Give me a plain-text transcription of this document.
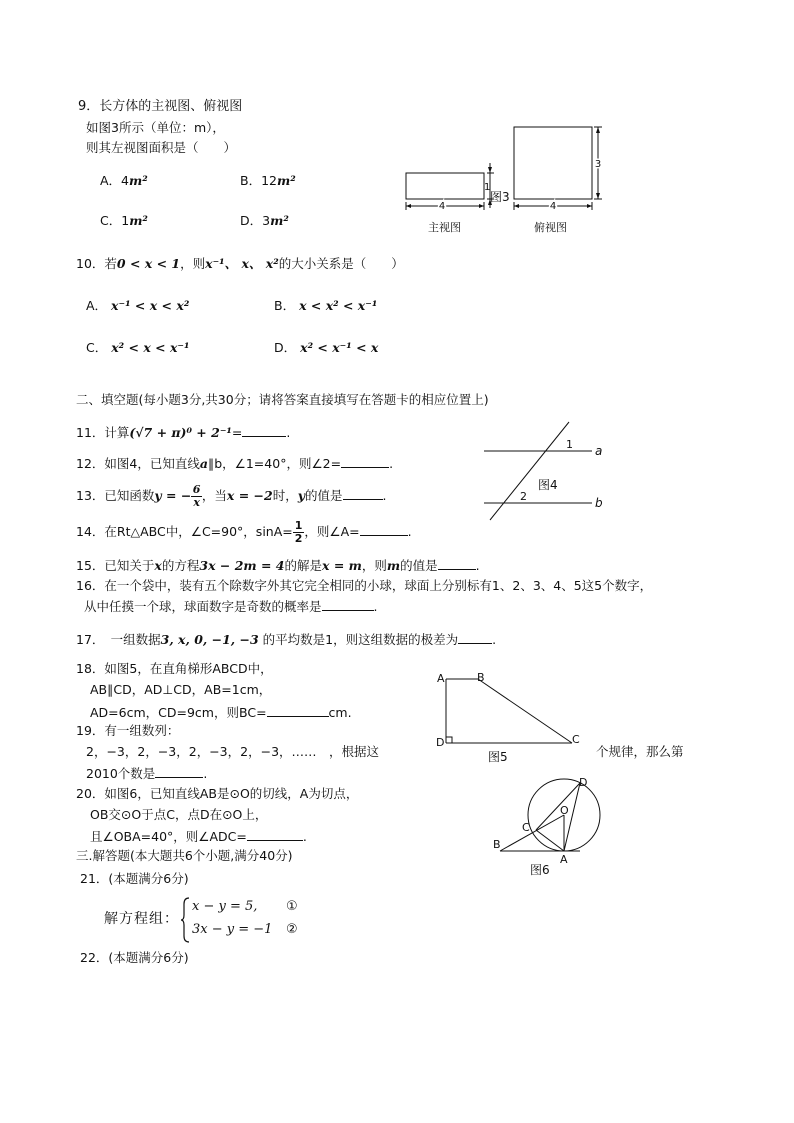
9．长方体的主视图、俯视图
如图3所示（单位：m），
则其左视图面积是（　　）
A．4m²	B．12m²
C．1m²	D．3m²
4
1
图3
主视图
4
3
俯视图
10．若0 < x < 1，则x⁻¹、 x、 x²的大小关系是（　　）
A． x⁻¹ < x < x²	B． x < x² < x⁻¹
C． x² < x < x⁻¹	D． x² < x⁻¹ < x
二、填空题(每小题3分,共30分；请将答案直接填写在答题卡的相应位置上)
11．计算(√7 + π)⁰ + 2⁻¹=	.
12．如图4，已知直线a∥b，∠1=40°，则∠2=	.
13．已知函数y = − $\frac{6}{x}$ ，当x = −2时，y的值是	.
14．在Rt△ABC中，∠C=90°，$\sin A= \frac{1}{2}$ ，则∠A=	.
15．已知关于x的方程3x − 2m = 4的解是x = m，则m的值是	.
16．在一个袋中，装有五个除数字外其它完全相同的小球，球面上分别标有1、2、3、4、5这5个数字，
从中任摸一个球，球面数字是奇数的概率是	.
17．　一组数据3, x, 0, −1, −3 的平均数是1，则这组数据的极差为	.
a
b
1
2
图4
18．如图5，在直角梯形ABCD中，
AB∥CD，AD⊥CD，AB=1cm，
AD=6cm，CD=9cm，则BC=	cm.
A	B
C
D
图5
19．有一组数列：
2，−3，2，−3，2，−3，2，−3，……　 ，根据这	个规律，那么第
2010个数是	.
20．如图6，已知直线AB是⊙O的切线，A为切点，
OB交⊙O于点C，点D在⊙O上，
且∠OBA=40°，则∠ADC=	.
B
C
O
D
A
图6
三.解答题(本大题共6个小题,满分40分)
21．(本题满分6分)
解方程组：
x − y = 5,
3x − y = −1
①
②
22．(本题满分6分)
